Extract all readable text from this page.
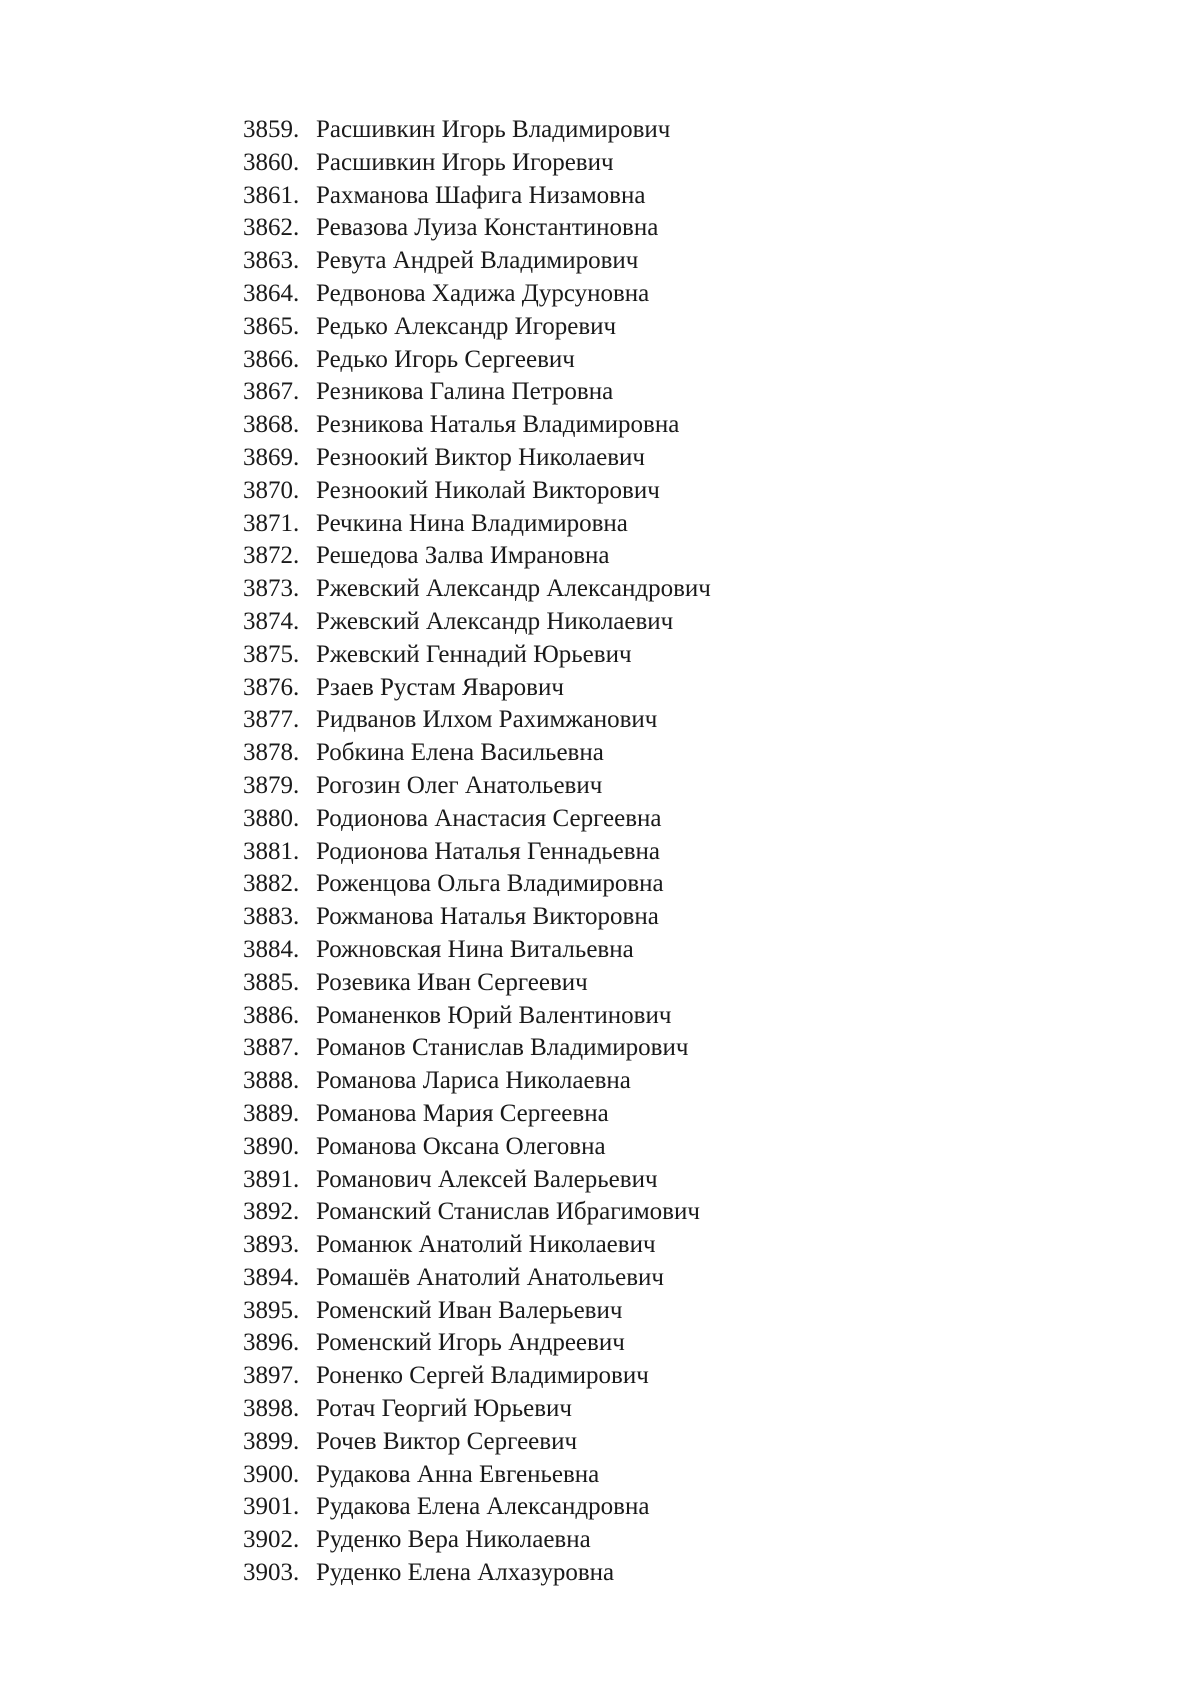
3859. Расшивкин Игорь Владимирович
3860. Расшивкин Игорь Игоревич
3861. Рахманова Шафига Низамовна
3862. Ревазова Луиза Константиновна
3863. Ревута Андрей Владимирович
3864. Редвонова Хадижа Дурсуновна
3865. Редько Александр Игоревич
3866. Редько Игорь Сергеевич
3867. Резникова Галина Петровна
3868. Резникова Наталья Владимировна
3869. Резноокий Виктор Николаевич
3870. Резноокий Николай Викторович
3871. Речкина Нина Владимировна
3872. Решедова Залва Имрановна
3873. Ржевский Александр Александрович
3874. Ржевский Александр Николаевич
3875. Ржевский Геннадий Юрьевич
3876. Рзаев Рустам Яварович
3877. Ридванов Илхом Рахимжанович
3878. Робкина Елена Васильевна
3879. Рогозин Олег Анатольевич
3880. Родионова Анастасия Сергеевна
3881. Родионова Наталья Геннадьевна
3882. Роженцова Ольга Владимировна
3883. Рожманова Наталья Викторовна
3884. Рожновская Нина Витальевна
3885. Розевика Иван Сергеевич
3886. Романенков Юрий Валентинович
3887. Романов Станислав Владимирович
3888. Романова Лариса Николаевна
3889. Романова Мария Сергеевна
3890. Романова Оксана Олеговна
3891. Романович Алексей Валерьевич
3892. Романский Станислав Ибрагимович
3893. Романюк Анатолий Николаевич
3894. Ромашёв Анатолий Анатольевич
3895. Роменский Иван Валерьевич
3896. Роменский Игорь Андреевич
3897. Роненко Сергей Владимирович
3898. Ротач Георгий Юрьевич
3899. Рочев Виктор Сергеевич
3900. Рудакова Анна Евгеньевна
3901. Рудакова Елена Александровна
3902. Руденко Вера Николаевна
3903. Руденко Елена Алхазуровна
